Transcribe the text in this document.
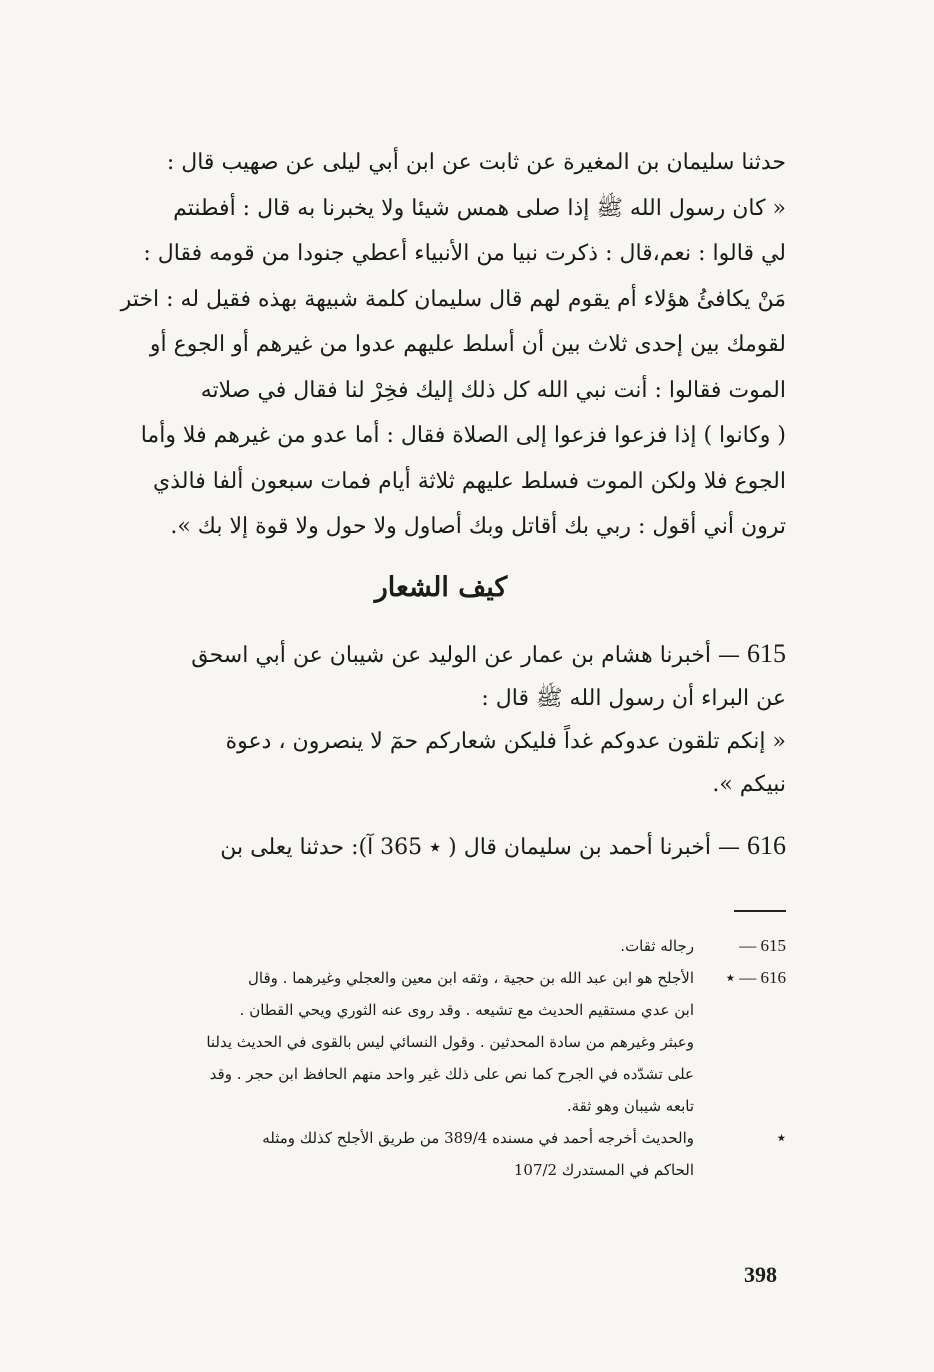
حدثنا سليمان بن المغيرة عن ثابت عن ابن أبي ليلى عن صهيب قال :

« كان رسول الله ﷺ إذا صلى همس شيئا ولا يخبرنا به قال : أفطنتم

لي قالوا : نعم،قال : ذكرت نبيا من الأنبياء أعطي جنودا من قومه فقال :

مَنْ يكافئُ هؤلاء أم يقوم لهم قال سليمان كلمة شبيهة بهذه فقيل له : اختر

لقومك بين إحدى ثلاث بين أن أسلط عليهم عدوا من غيرهم أو الجوع أو

الموت فقالوا : أنت نبي الله كل ذلك إليك فخِرْ لنا فقال في صلاته

( وكانوا ) إذا فزعوا فزعوا إلى الصلاة فقال : أما عدو من غيرهم فلا وأما

الجوع فلا ولكن الموت فسلط عليهم ثلاثة أيام فمات سبعون ألفا فالذي

ترون أني أقول : ربي بك أقاتل وبك أصاول ولا حول ولا قوة إلا بك ».

كيف الشعار

615 — أخبرنا هشام بن عمار عن الوليد عن شيبان عن أبي اسحق

عن البراء أن رسول الله ﷺ قال :

« إنكم تلقون عدوكم غداً فليكن شعاركم حمٓ لا ينصرون ، دعوة

نبيكم ».

616 — أخبرنا أحمد بن سليمان قال ( ٭ 365 آ): حدثنا يعلى بن

615 —
رجاله ثقات.
616 — ٭
الأجلح هو ابن عبد الله بن حجية ، وثقه ابن معين والعجلي وغيرهما . وقال
ابن عدي مستقيم الحديث مع تشيعه . وقد روى عنه الثوري ويحي القطان .
وعبثر وغيرهم من سادة المحدثين . وقول النسائي ليس بالقوى في الحديث يدلنا
على تشدّده في الجرح كما نص على ذلك غير واحد منهم الحافظ ابن حجر . وقد
تابعه شيبان وهو ثقة.
٭
والحديث أخرجه أحمد في مسنده 389/4 من طريق الأجلح كذلك ومثله
الحاكم في المستدرك 107/2
398
